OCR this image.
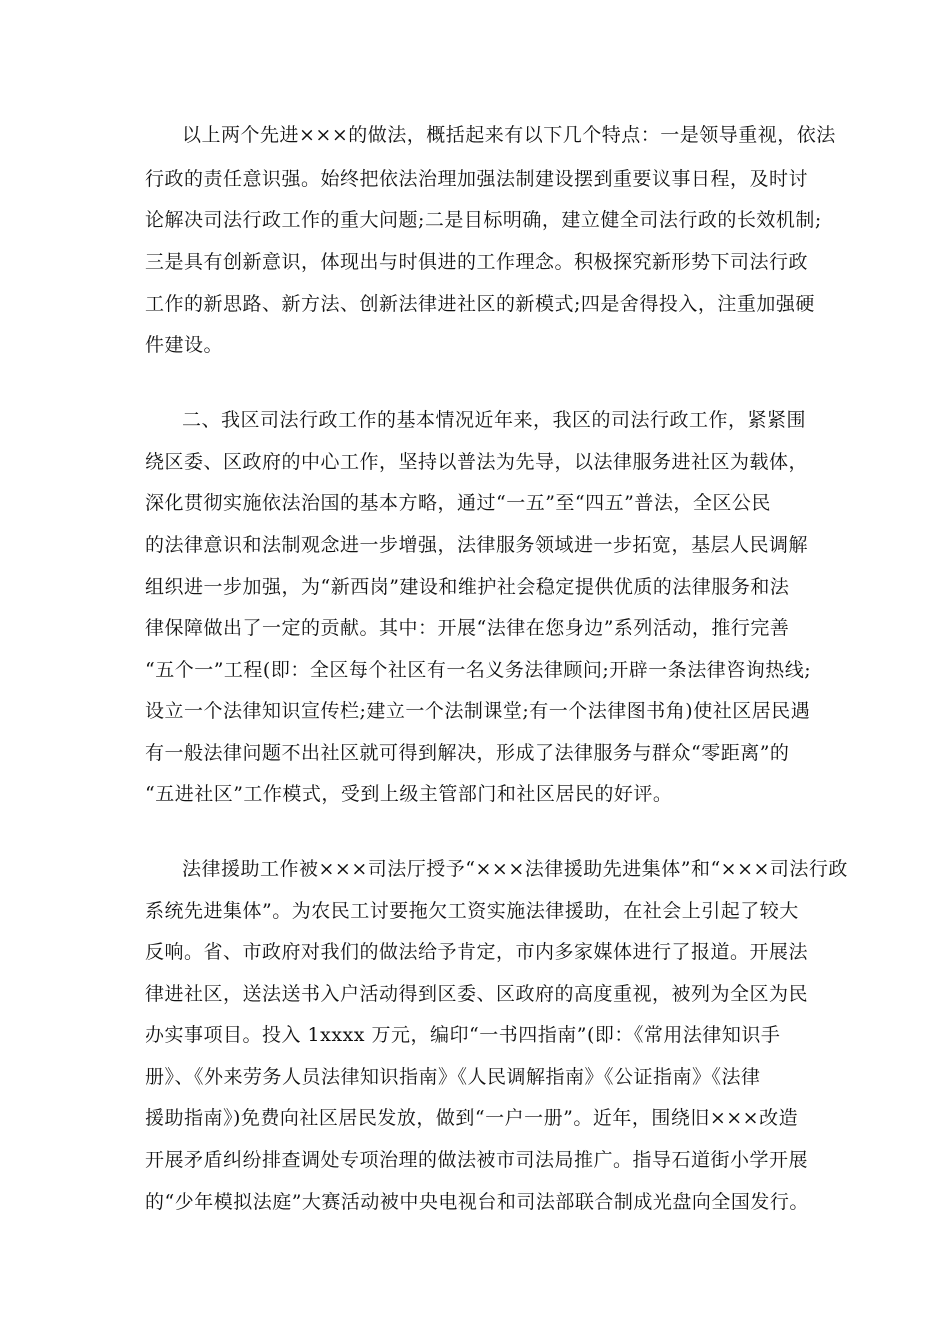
以上两个先进×××的做法，概括起来有以下几个特点：一是领导重视，依法
行政的责任意识强。始终把依法治理加强法制建设摆到重要议事日程，及时讨
论解决司法行政工作的重大问题;二是目标明确，建立健全司法行政的长效机制;
三是具有创新意识，体现出与时俱进的工作理念。积极探究新形势下司法行政
工作的新思路、新方法、创新法律进社区的新模式;四是舍得投入，注重加强硬
件建设。
二、我区司法行政工作的基本情况近年来，我区的司法行政工作，紧紧围
绕区委、区政府的中心工作，坚持以普法为先导，以法律服务进社区为载体，
深化贯彻实施依法治国的基本方略，通过“一五”至“四五”普法，全区公民
的法律意识和法制观念进一步增强，法律服务领域进一步拓宽，基层人民调解
组织进一步加强，为“新西岗”建设和维护社会稳定提供优质的法律服务和法
律保障做出了一定的贡献。其中：开展“法律在您身边”系列活动，推行完善
“五个一”工程(即：全区每个社区有一名义务法律顾问;开辟一条法律咨询热线;
设立一个法律知识宣传栏;建立一个法制课堂;有一个法律图书角)使社区居民遇
有一般法律问题不出社区就可得到解决，形成了法律服务与群众“零距离”的
“五进社区”工作模式，受到上级主管部门和社区居民的好评。
法律援助工作被×××司法厅授予“×××法律援助先进集体”和“×××司法行政
系统先进集体”。为农民工讨要拖欠工资实施法律援助，在社会上引起了较大
反响。省、市政府对我们的做法给予肯定，市内多家媒体进行了报道。开展法
律进社区，送法送书入户活动得到区委、区政府的高度重视，被列为全区为民
办实事项目。投入 1xxxx 万元，编印“一书四指南”(即：《常用法律知识手
册》、《外来劳务人员法律知识指南》《人民调解指南》《公证指南》《法律
援助指南》)免费向社区居民发放，做到“一户一册”。近年，围绕旧×××改造
开展矛盾纠纷排查调处专项治理的做法被市司法局推广。指导石道街小学开展
的“少年模拟法庭”大赛活动被中央电视台和司法部联合制成光盘向全国发行。
